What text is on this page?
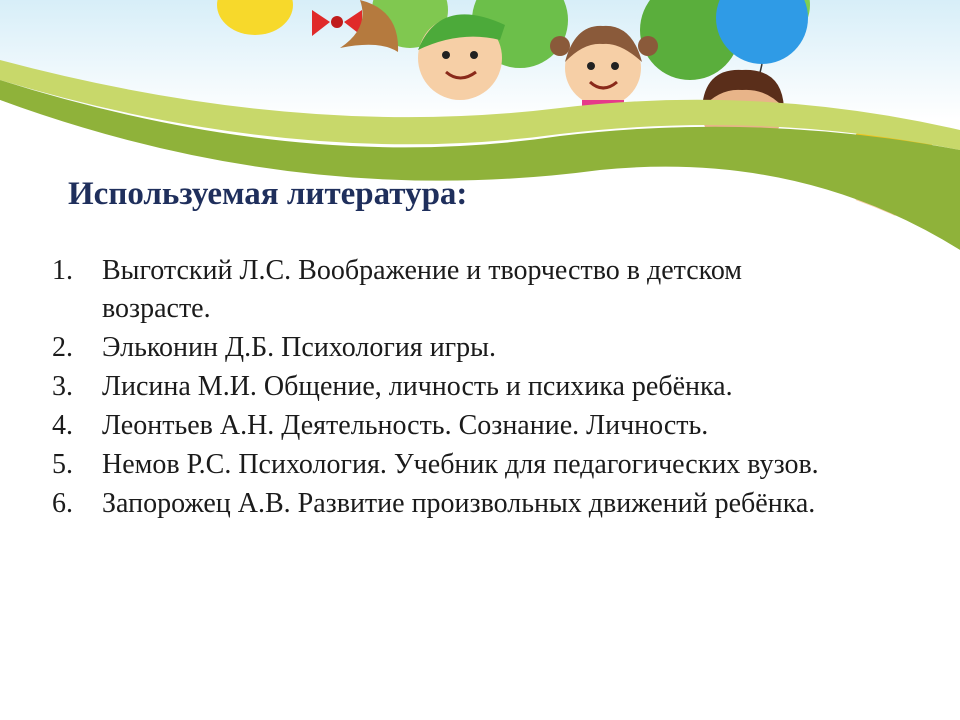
Используемая литература:
1.	Выготский Л.С. Воображение и творчество в детском возрасте.
2.	Эльконин Д.Б. Психология игры.
3.	Лисина М.И. Общение, личность и психика ребёнка.
4.	Леонтьев А.Н. Деятельность. Сознание. Личность.
5.	Немов Р.С. Психология. Учебник для педагогических вузов.
6.	Запорожец А.В. Развитие произвольных движений ребёнка.
